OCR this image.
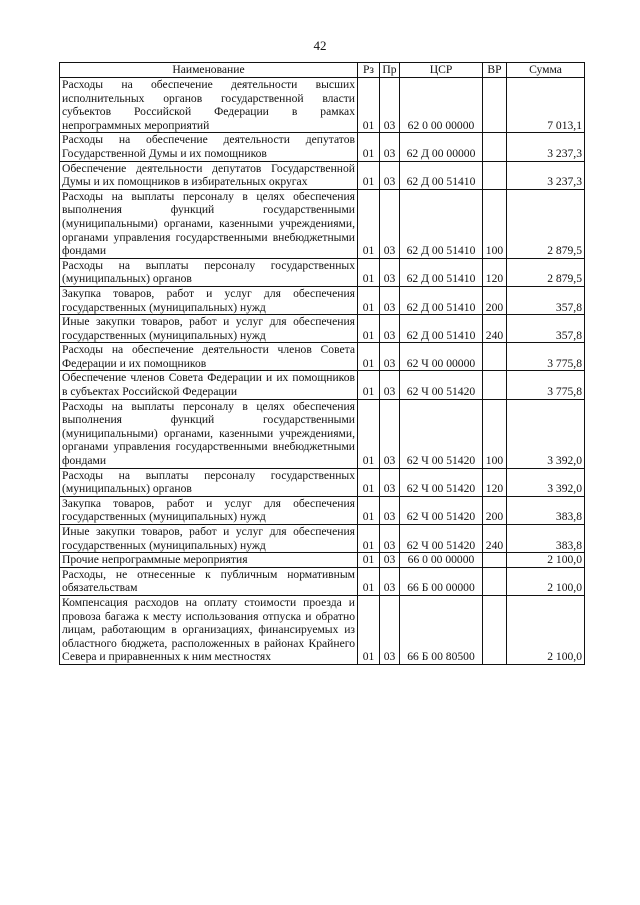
42
Наименование	Рз	Пр	ЦСР	ВР	Сумма
Расходы на обеспечение деятельности высших исполнительных органов государственной власти субъектов Российской Федерации в рамках непрограммных мероприятий	01	03	62 0 00 00000		7 013,1
Расходы на обеспечение деятельности депутатов Государственной Думы и их помощников	01	03	62 Д 00 00000		3 237,3
Обеспечение деятельности депутатов Государственной Думы и их помощников в избирательных округах	01	03	62 Д 00 51410		3 237,3
Расходы на выплаты персоналу в целях обеспечения выполнения функций государственными (муниципальными) органами, казенными учреждениями, органами управления государственными внебюджетными фондами	01	03	62 Д 00 51410	100	2 879,5
Расходы на выплаты персоналу государственных (муниципальных) органов	01	03	62 Д 00 51410	120	2 879,5
Закупка товаров, работ и услуг для обеспечения государственных (муниципальных) нужд	01	03	62 Д 00 51410	200	357,8
Иные закупки товаров, работ и услуг для обеспечения государственных (муниципальных) нужд	01	03	62 Д 00 51410	240	357,8
Расходы на обеспечение деятельности членов Совета Федерации и их помощников	01	03	62 Ч 00 00000		3 775,8
Обеспечение членов Совета Федерации и их помощников в субъектах Российской Федерации	01	03	62 Ч 00 51420		3 775,8
Расходы на выплаты персоналу в целях обеспечения выполнения функций государственными (муниципальными) органами, казенными учреждениями, органами управления государственными внебюджетными фондами	01	03	62 Ч 00 51420	100	3 392,0
Расходы на выплаты персоналу государственных (муниципальных) органов	01	03	62 Ч 00 51420	120	3 392,0
Закупка товаров, работ и услуг для обеспечения государственных (муниципальных) нужд	01	03	62 Ч 00 51420	200	383,8
Иные закупки товаров, работ и услуг для обеспечения государственных (муниципальных) нужд	01	03	62 Ч 00 51420	240	383,8
Прочие непрограммные мероприятия	01	03	66 0 00 00000		2 100,0
Расходы, не отнесенные к публичным нормативным обязательствам	01	03	66 Б 00 00000		2 100,0
Компенсация расходов на оплату стоимости проезда и провоза багажа к месту использования отпуска и обратно лицам, работающим в организациях, финансируемых из областного бюджета, расположенных в районах Крайнего Севера и приравненных к ним местностях	01	03	66 Б 00 80500		2 100,0
